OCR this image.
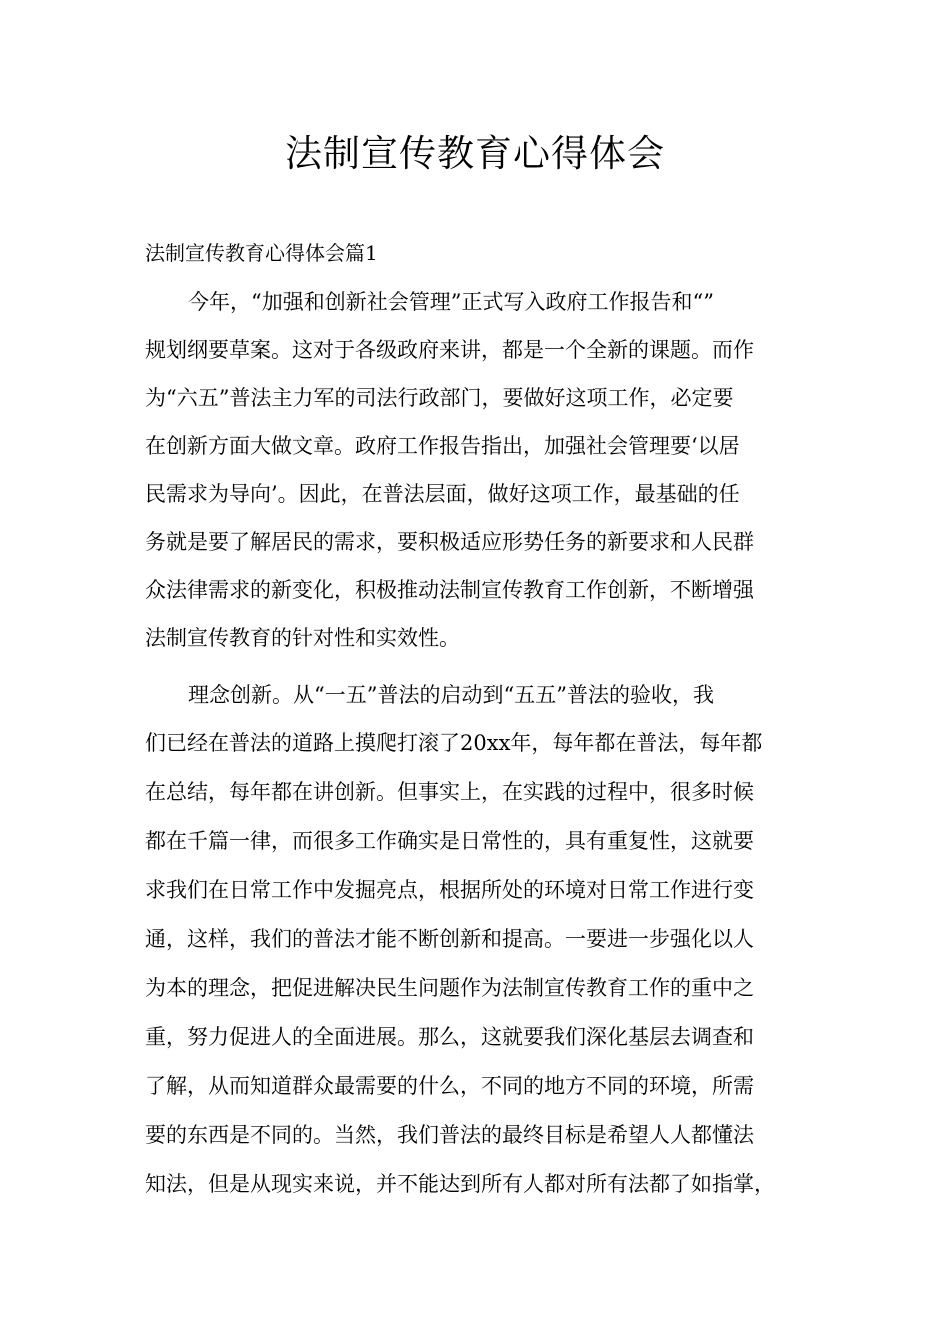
法制宣传教育心得体会

法制宣传教育心得体会篇1

今年，“加强和创新社会管理”正式写入政府工作报告和“”

规划纲要草案。这对于各级政府来讲，都是一个全新的课题。而作

为“六五”普法主力军的司法行政部门，要做好这项工作，必定要

在创新方面大做文章。政府工作报告指出，加强社会管理要‘以居

民需求为导向’。因此，在普法层面，做好这项工作，最基础的任

务就是要了解居民的需求，要积极适应形势任务的新要求和人民群

众法律需求的新变化，积极推动法制宣传教育工作创新，不断增强

法制宣传教育的针对性和实效性。

理念创新。从“一五”普法的启动到“五五”普法的验收，我

们已经在普法的道路上摸爬打滚了20xx年，每年都在普法，每年都

在总结，每年都在讲创新。但事实上，在实践的过程中，很多时候

都在千篇一律，而很多工作确实是日常性的，具有重复性，这就要

求我们在日常工作中发掘亮点，根据所处的环境对日常工作进行变

通，这样，我们的普法才能不断创新和提高。一要进一步强化以人

为本的理念，把促进解决民生问题作为法制宣传教育工作的重中之

重，努力促进人的全面进展。那么，这就要我们深化基层去调查和

了解，从而知道群众最需要的什么，不同的地方不同的环境，所需

要的东西是不同的。当然，我们普法的最终目标是希望人人都懂法

知法，但是从现实来说，并不能达到所有人都对所有法都了如指掌，
